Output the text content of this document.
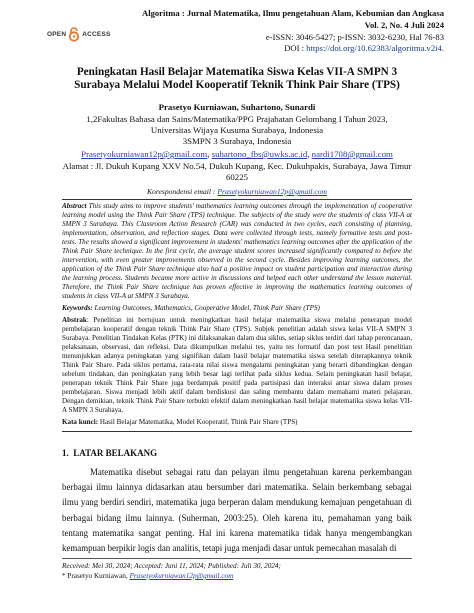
OPEN ACCESS
Algoritma : Jurnal Matematika, Ilmu pengetahuan Alam, Kebumian dan Angkasa
Vol. 2, No. 4 Juli 2024
e-ISSN: 3046-5427; p-ISSN: 3032-6230, Hal 76-83
DOI : https://doi.org/10.62383/algoritma.v2i4.
Peningkatan Hasil Belajar Matematika Siswa Kelas VII-A SMPN 3
Surabaya Melalui Model Kooperatif Teknik Think Pair Share (TPS)
Prasetyo Kurniawan, Suhartono, Sunardi
1,2Fakultas Bahasa dan Sains/Matematika/PPG Prajabatan Gelombang I Tahun 2023,
Universitas Wijaya Kusuma Surabaya, Indonesia
3SMPN 3 Surabaya, Indonesia
Prasetyokurniawan12p@gmail.com, suhartono_fbs@uwks.ac.id, nardi1708@gmail.com
Alamat : Jl. Dukuh Kupang XXV No.54, Dukuh Kupang, Kec. Dukuhpakis, Surabaya, Jawa Timur
60225
Korespondensi email : Prasetyokurniawan12p@gmail.com
Abstract This study aims to improve students' mathematics learning outcomes through the implementation of cooperative learning model using the Think Pair Share (TPS) technique. The subjects of the study were the students of class VII-A at SMPN 3 Surabaya. This Classroom Action Research (CAR) was conducted in two cycles, each consisting of planning, implementation, observation, and reflection stages. Data were collected through tests, namely formative tests and post-tests. The results showed a significant improvement in students' mathematics learning outcomes after the application of the Think Pair Share technique. In the first cycle, the average student scores increased significantly compared to before the intervention, with even greater improvements observed in the second cycle. Besides improving learning outcomes, the application of the Think Pair Share technique also had a positive impact on student participation and interaction during the learning process. Students became more active in discussions and helped each other understand the lesson material. Therefore, the Think Pair Share technique has proven effective in improving the mathematics learning outcomes of students in class VII-A at SMPN 3 Surabaya.
Keywords: Learning Outcomes, Mathematics, Cooperative Model, Think Pair Share (TPS)
Abstrak: Penelitian ini bertujuan untuk meningkatkan hasil belajar matematika siswa melalui penerapan model pembelajaran kooperatif dengan teknik Think Pair Share (TPS). Subjek penelitian adalah siswa kelas VII-A SMPN 3 Surabaya. Penelitian Tindakan Kelas (PTK) ini dilaksanakan dalam dua siklus, setiap siklus terdiri dari tahap perencanaan, pelaksanaan, observasi, dan refleksi. Data dikumpulkan melalui tes, yaitu tes formatif dan post test Hasil penelitian menunjukkan adanya peningkatan yang signifikan dalam hasil belajar matematika siswa setelah diterapkannya teknik Think Pair Share. Pada siklus pertama, rata-rata nilai siswa mengalami peningkatan yang berarti dibandingkan dengan sebelum tindakan, dan peningkatan yang lebih besar lagi terlihat pada siklus kedua. Selain peningkatan hasil belajar, penerapan teknik Think Pair Share juga berdampak positif pada partisipasi dan interaksi antar siswa dalam proses pembelajaran. Siswa menjadi lebih aktif dalam berdiskusi dan saling membantu dalam memahami materi pelajaran. Dengan demikian, teknik Think Pair Share terbukti efektif dalam meningkatkan hasil belajar matematika siswa kelas VII-A SMPN 3 Surabaya.
Kata kunci: Hasil Belajar Matematika, Model Kooperatif, Think Pair Share (TPS)
1. LATAR BELAKANG
Matematika disebut sebagai ratu dan pelayan ilmu pengetahuan karena perkembangan berbagai ilmu lainnya didasarkan atau bersumber dari matematika. Selain berkembang sebagai ilmu yang berdiri sendiri, matematika juga berperan dalam mendukung kemajuan pengetahuan di berbagai bidang ilmu lainnya. (Suherman, 2003:25). Oleh karena itu, pemahaman yang baik tentang matematika sangat penting. Hal ini karena matematika tidak hanya mengembangkan kemampuan berpikir logis dan analitis, tetapi juga menjadi dasar untuk pemecahan masalah di
Received: Mei 30, 2024; Accepted: Juni 11, 2024; Published: Juli 30, 2024;
* Prasetyo Kurniawan, Prasetyokurniawan12p@gmail.com
